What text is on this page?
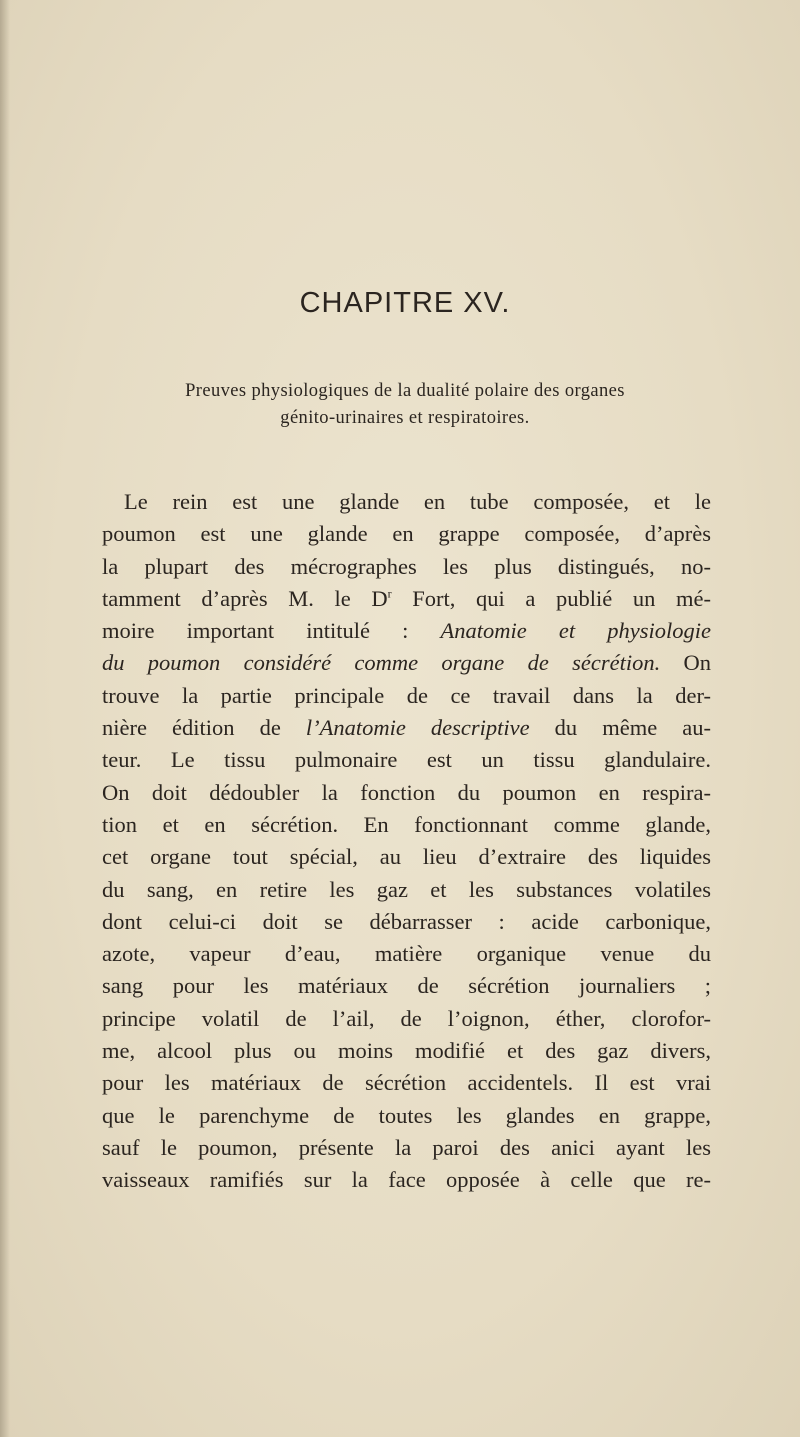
CHAPITRE XV.

Preuves physiologiques de la dualité polaire des organes
génito-urinaires et respiratoires.

Le rein est une glande en tube composée, et le
poumon est une glande en grappe composée, d’après
la plupart des mécrographes les plus distingués, no-
tamment d’après M. le $D^r$ Fort, qui a publié un mé-
moire important intitulé : Anatomie et physiologie
du poumon considéré comme organe de sécrétion. On
trouve la partie principale de ce travail dans la der-
nière édition de l’Anatomie descriptive du même au-
teur. Le tissu pulmonaire est un tissu glandulaire.
On doit dédoubler la fonction du poumon en respira-
tion et en sécrétion. En fonctionnant comme glande,
cet organe tout spécial, au lieu d’extraire des liquides
du sang, en retire les gaz et les substances volatiles
dont celui-ci doit se débarrasser : acide carbonique,
azote, vapeur d’eau, matière organique venue du
sang pour les matériaux de sécrétion journaliers ;
principe volatil de l’ail, de l’oignon, éther, clorofor-
me, alcool plus ou moins modifié et des gaz divers,
pour les matériaux de sécrétion accidentels. Il est vrai
que le parenchyme de toutes les glandes en grappe,
sauf le poumon, présente la paroi des anici ayant les
vaisseaux ramifiés sur la face opposée à celle que re-
